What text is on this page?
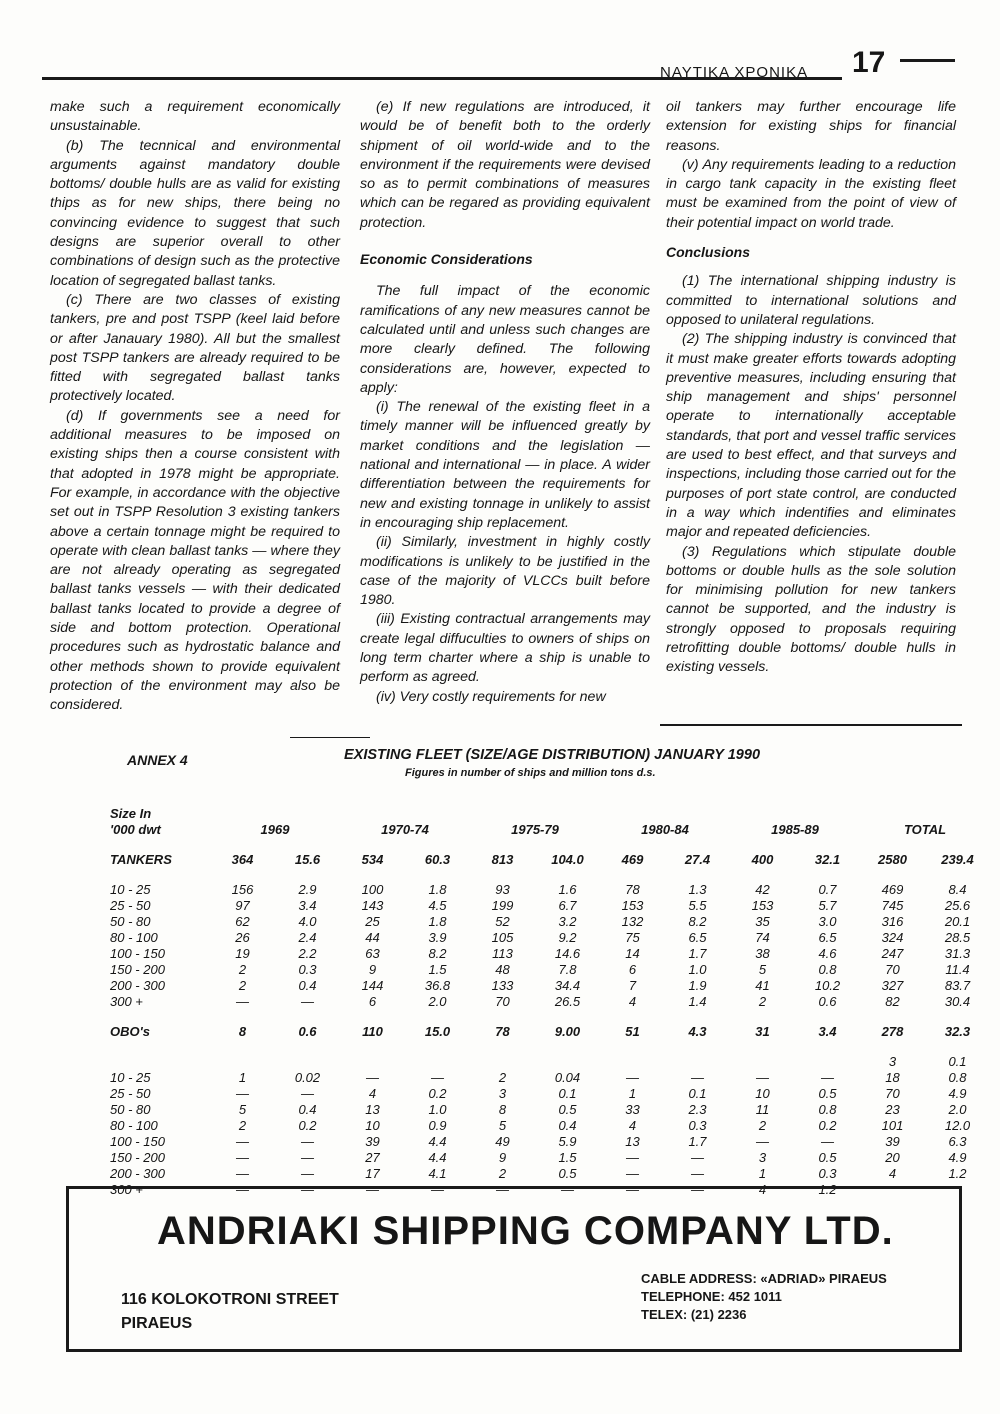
NAYTIKA XPONIKA 17

make such a requirement economically unsustainable.

(b) The tecnnical and environmental arguments against mandatory double bottoms/ double hulls are as valid for existing thips as for new ships, there being no convincing evidence to suggest that such designs are superior overall to other combinations of design such as the protective location of segregated ballast tanks.

(c) There are two classes of existing tankers, pre and post TSPP (keel laid before or after Janauary 1980). All but the smallest post TSPP tankers are already required to be fitted with segregated ballast tanks protectively located.

(d) If governments see a need for additional measures to be imposed on existing ships then a course consistent with that adopted in 1978 might be appropriate. For example, in accordance with the objective set out in TSPP Resolution 3 existing tankers above a certain tonnage might be required to operate with clean ballast tanks — where they are not already operating as segregated ballast tanks vessels — with their dedicated ballast tanks located to provide a degree of side and bottom protection. Operational procedures such as hydrostatic balance and other methods shown to provide equivalent protection of the environment may also be considered.

(e) If new regulations are introduced, it would be of benefit both to the orderly shipment of oil world-wide and to the environment if the requirements were devised so as to permit combinations of measures which can be regared as providing equivalent protection.

Economic Considerations

The full impact of the economic ramifications of any new measures cannot be calculated until and unless such changes are more clearly defined. The following considerations are, however, expected to apply:

(i) The renewal of the existing fleet in a timely manner will be influenced greatly by market conditions and the legislation — national and international — in place. A wider differentiation between the requirements for new and existing tonnage in unlikely to assist in encouraging ship replacement.

(ii) Similarly, investment in highly costly modifications is unlikely to be justified in the case of the majority of VLCCs built before 1980.

(iii) Existing contractual arrangements may create legal diffuculties to owners of ships on long term charter where a ship is unable to perform as agreed.

(iv) Very costly requirements for new

oil tankers may further encourage life extension for existing ships for financial reasons.

(v) Any requirements leading to a reduction in cargo tank capacity in the existing fleet must be examined from the point of view of their potential impact on world trade.

Conclusions

(1) The international shipping industry is committed to international solutions and opposed to unilateral regulations.

(2) The shipping industry is convinced that it must make greater efforts towards adopting preventive measures, including ensuring that ship management and ships' personnel operate to internationally acceptable standards, that port and vessel traffic services are used to best effect, and that surveys and inspections, including those carried out for the purposes of port state control, are conducted in a way which indentifies and eliminates major and repeated deficiencies.

(3) Regulations which stipulate double bottoms or double hulls as the sole solution for minimising pollution for new tankers cannot be supported, and the industry is strongly opposed to proposals requiring retrofitting double bottoms/ double hulls in existing vessels.

ANNEX 4	EXISTING FLEET (SIZE/AGE DISTRIBUTION) JANUARY 1990
Figures in number of ships and million tons d.s.
Size In												
'000 dwt	1969		1970-74		1975-79		1980-84		1985-89		TOTAL	

TANKERS	364	15.6	534	60.3	813	104.0	469	27.4	400	32.1	2580	239.4

10 - 25	156	2.9	100	1.8	93	1.6	78	1.3	42	0.7	469	8.4
25 - 50	97	3.4	143	4.5	199	6.7	153	5.5	153	5.7	745	25.6
50 - 80	62	4.0	25	1.8	52	3.2	132	8.2	35	3.0	316	20.1
80 - 100	26	2.4	44	3.9	105	9.2	75	6.5	74	6.5	324	28.5
100 - 150	19	2.2	63	8.2	113	14.6	14	1.7	38	4.6	247	31.3
150 - 200	2	0.3	9	1.5	48	7.8	6	1.0	5	0.8	70	11.4
200 - 300	2	0.4	144	36.8	133	34.4	7	1.9	41	10.2	327	83.7
300 +	—	—	6	2.0	70	26.5	4	1.4	2	0.6	82	30.4

OBO's	8	0.6	110	15.0	78	9.00	51	4.3	31	3.4	278	32.3

											3	0.1
10 - 25	1	0.02	—	—	2	0.04	—	—	—	—	18	0.8
25 - 50	—	—	4	0.2	3	0.1	1	0.1	10	0.5	70	4.9
50 - 80	5	0.4	13	1.0	8	0.5	33	2.3	11	0.8	23	2.0
80 - 100	2	0.2	10	0.9	5	0.4	4	0.3	2	0.2	101	12.0
100 - 150	—	—	39	4.4	49	5.9	13	1.7	—	—	39	6.3
150 - 200	—	—	27	4.4	9	1.5	—	—	3	0.5	20	4.9
200 - 300	—	—	17	4.1	2	0.5	—	—	1	0.3	4	1.2
300 +	—	—	—	—	—	—	—	—	4	1.2		
ANDRIAKI SHIPPING COMPANY LTD.
116 KOLOKOTRONI STREET
PIRAEUS
CABLE ADDRESS: «ADRIAD» PIRAEUS
TELEPHONE: 452 1011
TELEX: (21) 2236
